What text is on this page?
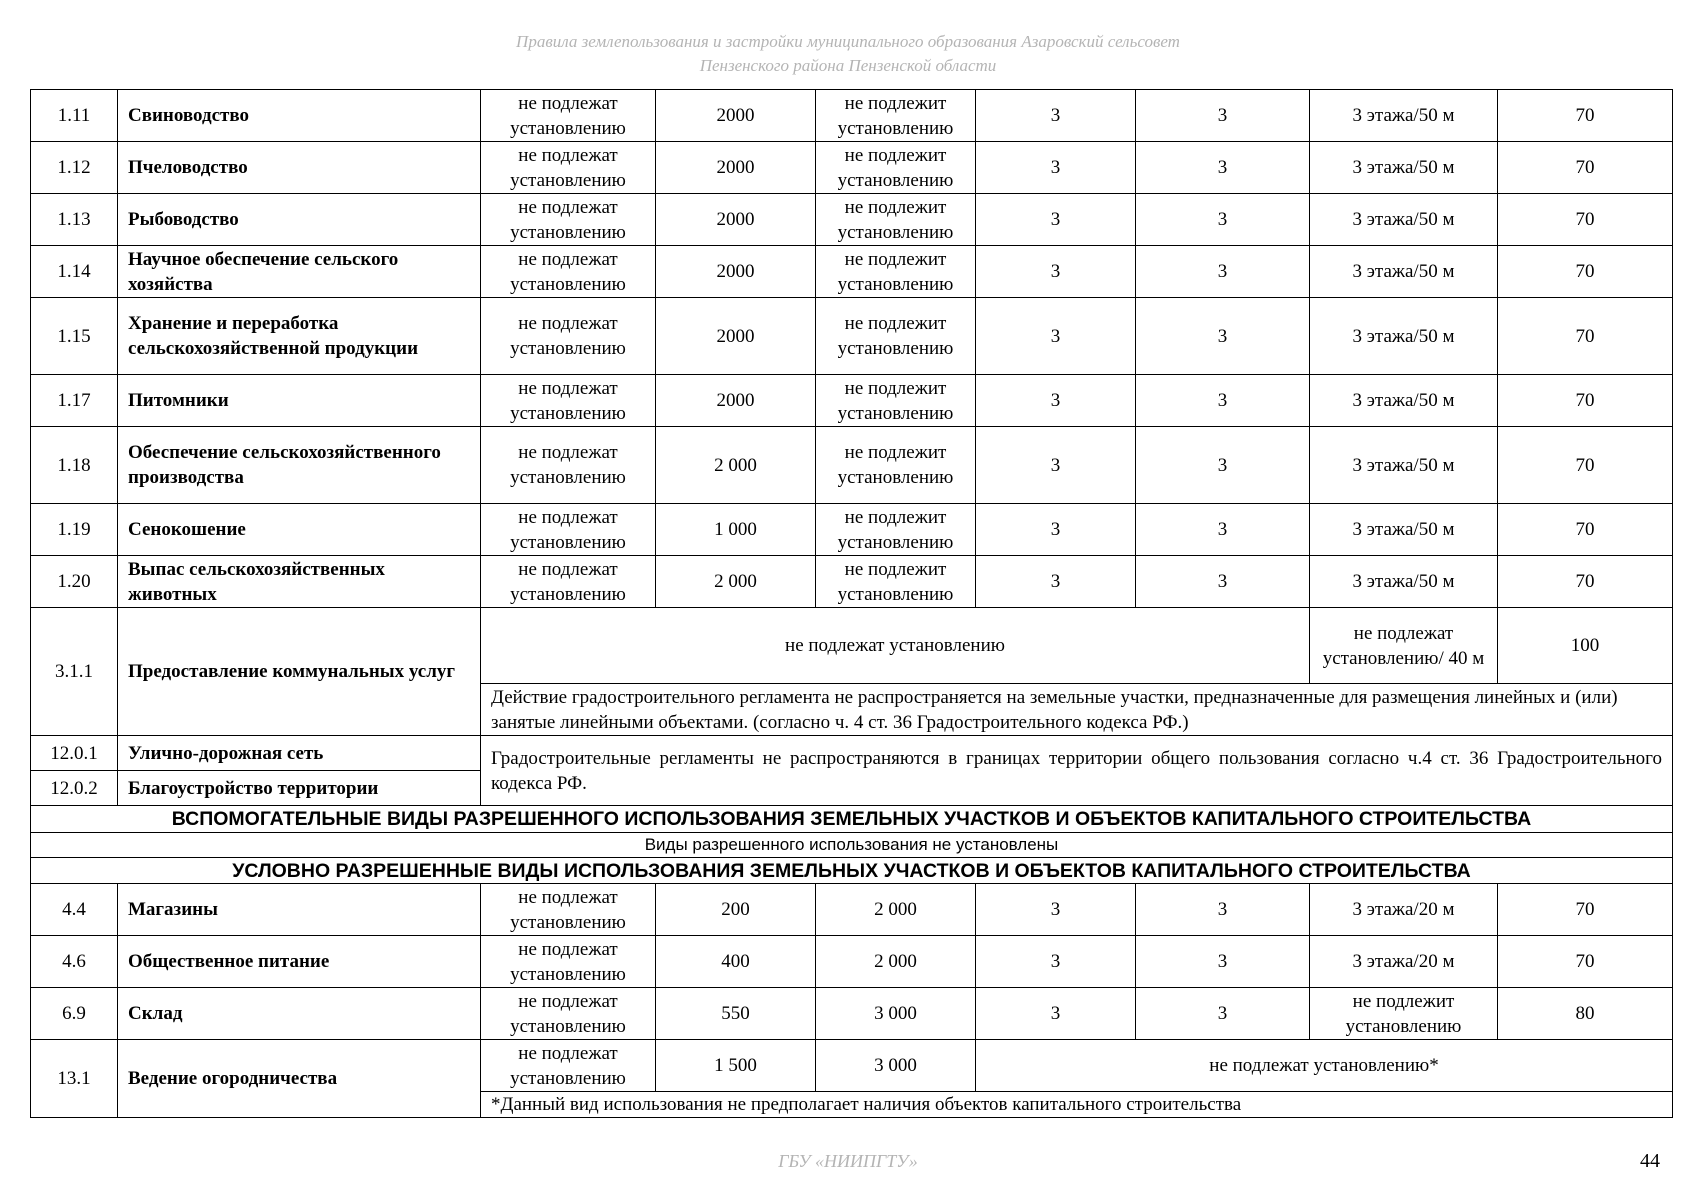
Правила землепользования и застройки муниципального образования Азаровский сельсовет
Пензенского района Пензенской области
1.11	Свиноводство	не подлежат установлению	2000	не подлежит установлению	3	3	3 этажа/50 м	70
1.12	Пчеловодство	не подлежат установлению	2000	не подлежит установлению	3	3	3 этажа/50 м	70
1.13	Рыбоводство	не подлежат установлению	2000	не подлежит установлению	3	3	3 этажа/50 м	70
1.14	Научное обеспечение сельского хозяйства	не подлежат установлению	2000	не подлежит установлению	3	3	3 этажа/50 м	70
1.15	Хранение и переработка сельскохозяйственной продукции	не подлежат установлению	2000	не подлежит установлению	3	3	3 этажа/50 м	70
1.17	Питомники	не подлежат установлению	2000	не подлежит установлению	3	3	3 этажа/50 м	70
1.18	Обеспечение сельскохозяйственного производства	не подлежат установлению	2 000	не подлежит установлению	3	3	3 этажа/50 м	70
1.19	Сенокошение	не подлежат установлению	1 000	не подлежит установлению	3	3	3 этажа/50 м	70
1.20	Выпас сельскохозяйственных животных	не подлежат установлению	2 000	не подлежит установлению	3	3	3 этажа/50 м	70
3.1.1	Предоставление коммунальных услуг	не подлежат установлению					не подлежат установлению/ 40 м	100
		Действие градостроительного регламента не распространяется на земельные участки, предназначенные для размещения линейных и (или) занятые линейными объектами. (согласно ч. 4 ст. 36 Градостроительного кодекса РФ.)						
12.0.1	Улично-дорожная сеть	Градостроительные регламенты не распространяются в границах территории общего пользования согласно ч.4 ст. 36 Градостроительного кодекса РФ.						
12.0.2	Благоустройство территории							
ВСПОМОГАТЕЛЬНЫЕ ВИДЫ РАЗРЕШЕННОГО ИСПОЛЬЗОВАНИЯ ЗЕМЕЛЬНЫХ УЧАСТКОВ И ОБЪЕКТОВ КАПИТАЛЬНОГО СТРОИТЕЛЬСТВА								
Виды разрешенного использования не установлены								
УСЛОВНО РАЗРЕШЕННЫЕ ВИДЫ ИСПОЛЬЗОВАНИЯ ЗЕМЕЛЬНЫХ УЧАСТКОВ И ОБЪЕКТОВ КАПИТАЛЬНОГО СТРОИТЕЛЬСТВА								
4.4	Магазины	не подлежат установлению	200	2 000	3	3	3 этажа/20 м	70
4.6	Общественное питание	не подлежат установлению	400	2 000	3	3	3 этажа/20 м	70
6.9	Склад	не подлежат установлению	550	3 000	3	3	не подлежит установлению	80
13.1	Ведение огородничества	не подлежат установлению	1 500	3 000	не подлежат установлению*			
		*Данный вид использования не предполагает наличия объектов капитального строительства						
ГБУ «НИИПГТУ»	44
